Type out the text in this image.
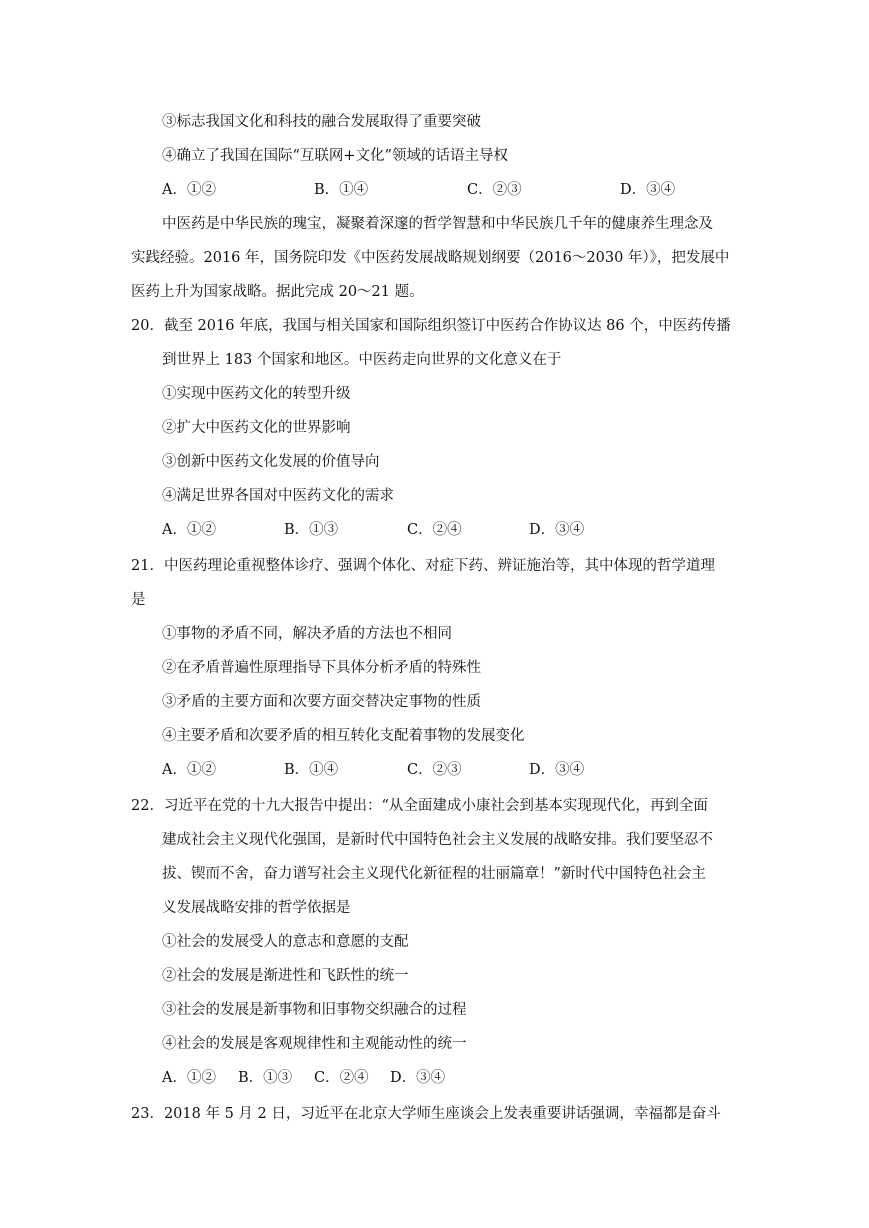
③标志我国文化和科技的融合发展取得了重要突破
④确立了我国在国际“互联网+文化”领域的话语主导权
A．①②	B．①④	C．②③	D．③④
中医药是中华民族的瑰宝，凝聚着深邃的哲学智慧和中华民族几千年的健康养生理念及
实践经验。2016 年，国务院印发《中医药发展战略规划纲要（2016～2030 年）》，把发展中
医药上升为国家战略。据此完成 20～21 题。
20．截至 2016 年底，我国与相关国家和国际组织签订中医药合作协议达 86 个，中医药传播
到世界上 183 个国家和地区。中医药走向世界的文化意义在于
①实现中医药文化的转型升级
②扩大中医药文化的世界影响
③创新中医药文化发展的价值导向
④满足世界各国对中医药文化的需求
A．①②	B．①③	C．②④	D．③④
21．中医药理论重视整体诊疗、强调个体化、对症下药、辨证施治等，其中体现的哲学道理
是
①事物的矛盾不同，解决矛盾的方法也不相同
②在矛盾普遍性原理指导下具体分析矛盾的特殊性
③矛盾的主要方面和次要方面交替决定事物的性质
④主要矛盾和次要矛盾的相互转化支配着事物的发展变化
A．①②	B．①④	C．②③	D．③④
22．习近平在党的十九大报告中提出：“从全面建成小康社会到基本实现现代化，再到全面
建成社会主义现代化强国，是新时代中国特色社会主义发展的战略安排。我们要坚忍不
拔、锲而不舍，奋力谱写社会主义现代化新征程的壮丽篇章！”新时代中国特色社会主
义发展战略安排的哲学依据是
①社会的发展受人的意志和意愿的支配
②社会的发展是渐进性和飞跃性的统一
③社会的发展是新事物和旧事物交织融合的过程
④社会的发展是客观规律性和主观能动性的统一
A．①② B．①③ C．②④ D．③④
23．2018 年 5 月 2 日，习近平在北京大学师生座谈会上发表重要讲话强调，幸福都是奋斗
